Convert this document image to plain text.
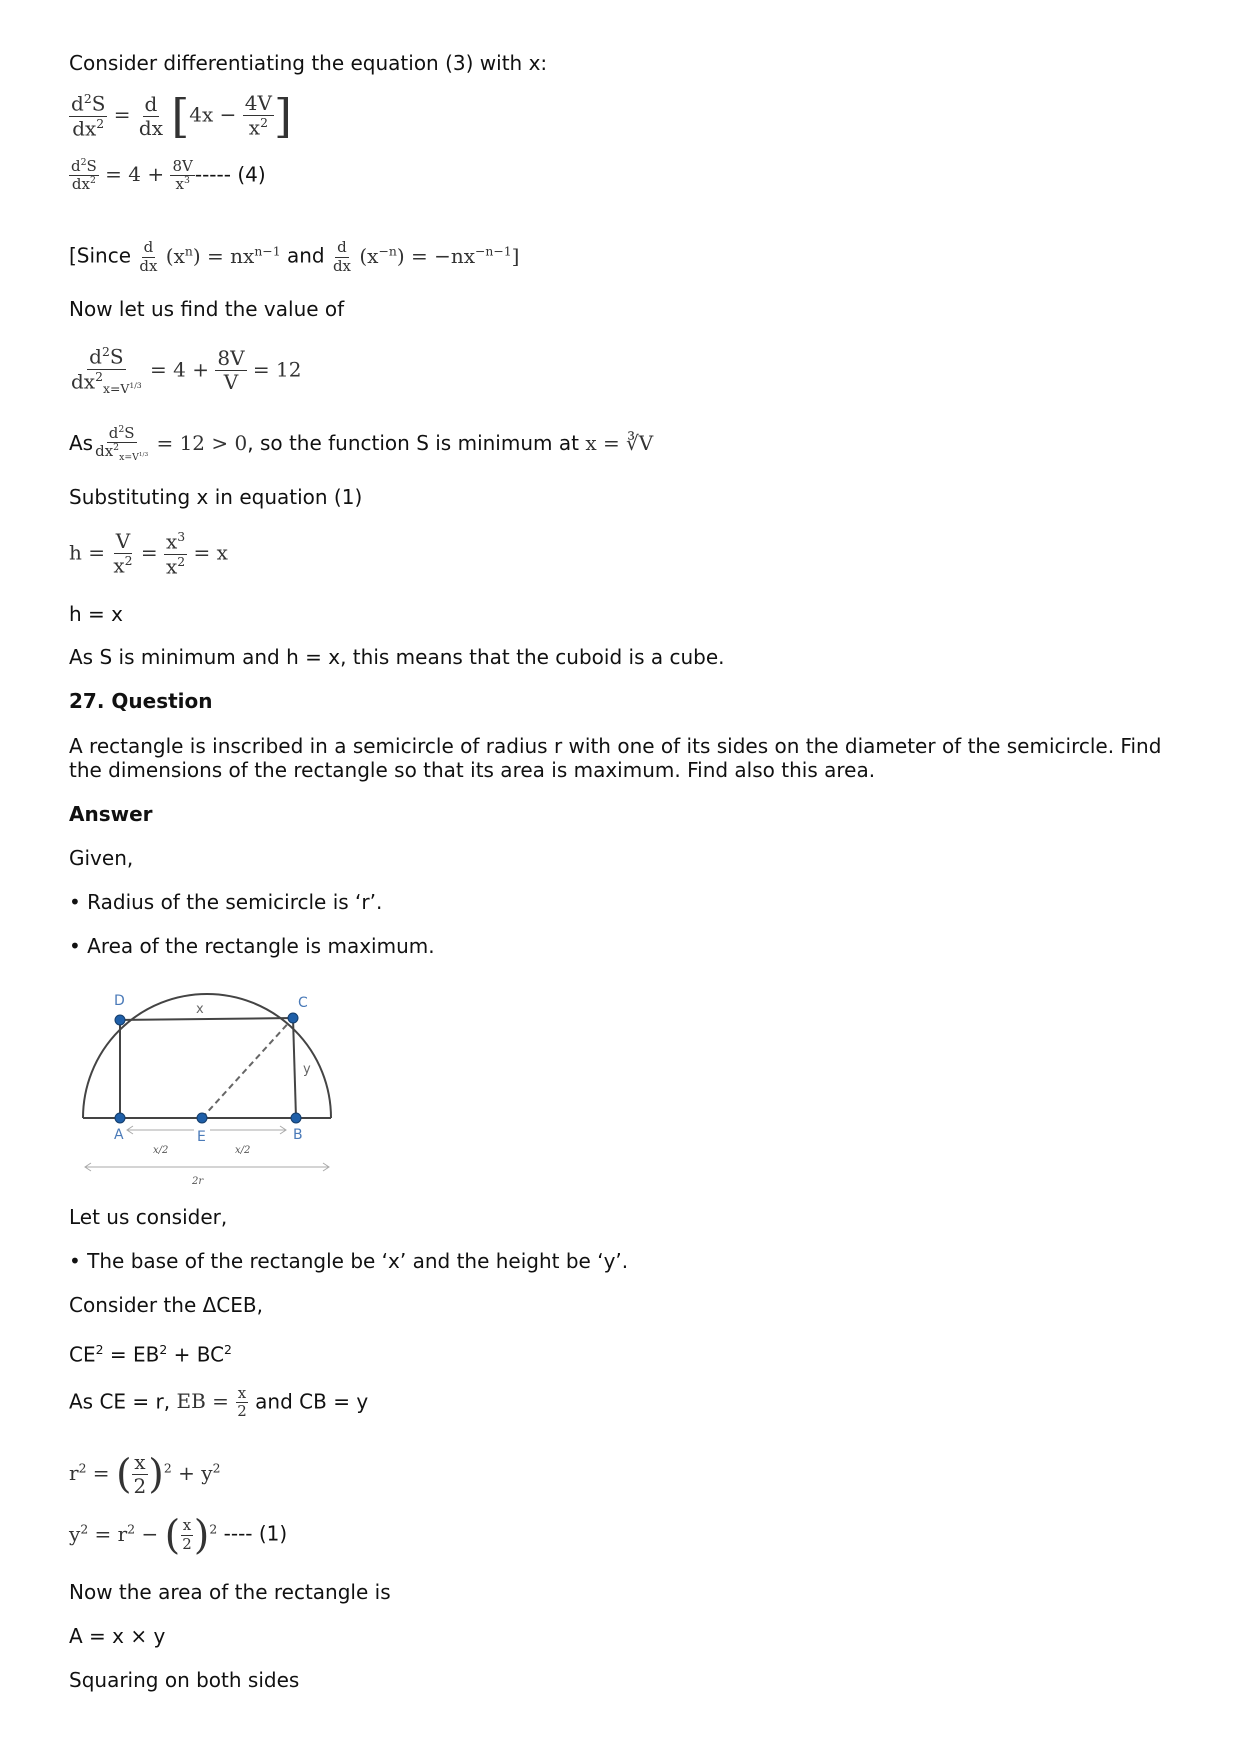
Consider differentiating the equation (3) with x:
$\frac{d^2S}{dx^2} = \frac{d}{dx} [4x - \frac{4V}{x^2}$ ]
$\frac{d^2S}{dx^2} = 4 + \frac{8V}{x^3}$ ----- (4)
[Since $\frac{d}{dx} (x^n) = nx^{n-1}$ and $\frac{d}{dx} (x^{-n}) = -nx^{-n-1}$]
Now let us find the value of
$\frac{d^2S}{dx^2_{x=V^{1/3}}} = 4 + \frac{8V}{V} = 12$
As $\frac{d^2S}{dx^2_{x=V^{1/3}}} = 12 > 0$, so the function S is minimum at x = ∛V
Substituting x in equation (1)
$h = \frac{V}{x^2} = \frac{x^3}{x^2} = x$
h = x
As S is minimum and h = x, this means that the cuboid is a cube.
27. Question
A rectangle is inscribed in a semicircle of radius r with one of its sides on the diameter of the semicircle. Find the dimensions of the rectangle so that its area is maximum. Find also this area.
Answer
Given,
• Radius of the semicircle is ‘r’.
• Area of the rectangle is maximum.
D	C
A	E	B
x
y
x/2	x/2
2r
Let us consider,
• The base of the rectangle be ‘x’ and the height be ‘y’.
Consider the ΔCEB,
$CE^2 = EB^2 + BC^2$
As CE = r, EB = $\frac{x}{2}$ and CB = y
$r^2$ = ( $\frac{x}{2} )^2 + y^2$
$y^2 = r^2$ − ( $\frac{x}{2} )^2$ ---- (1)
Now the area of the rectangle is
A = x × y
Squaring on both sides
